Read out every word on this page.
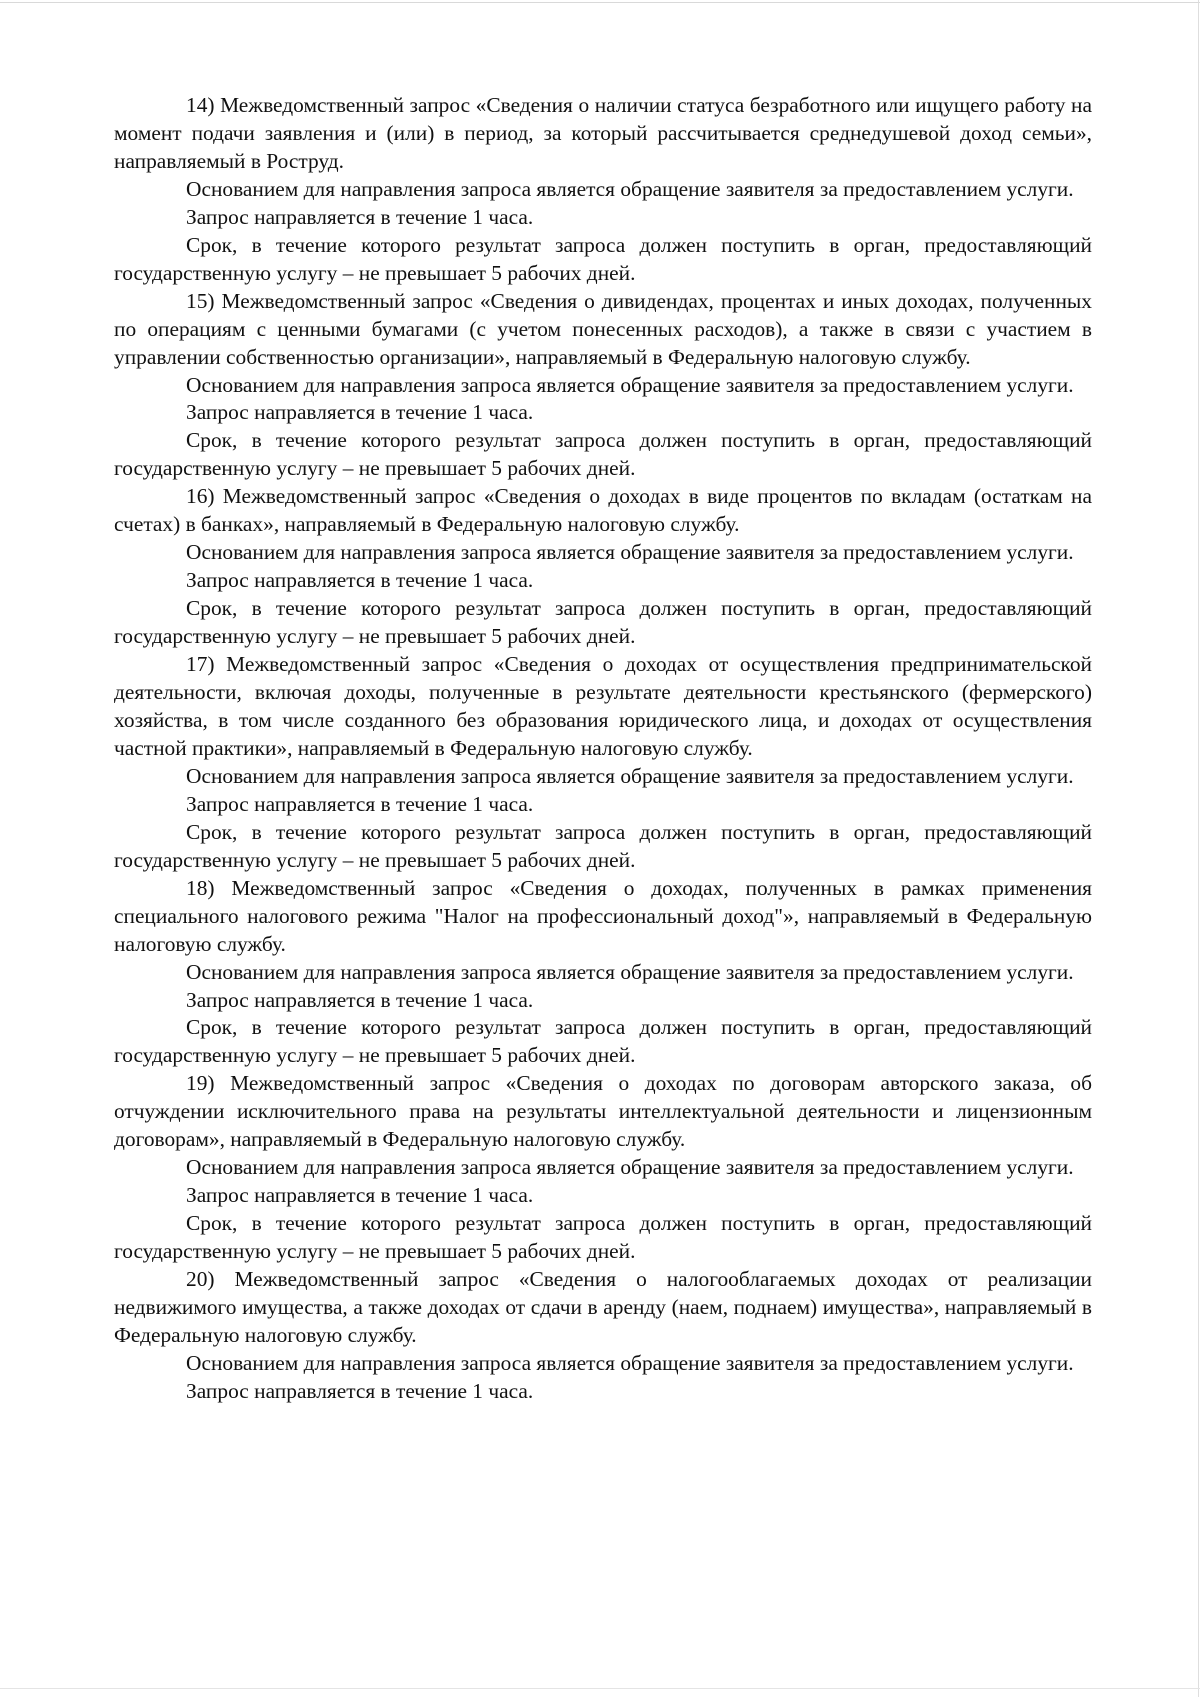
14) Межведомственный запрос «Сведения о наличии статуса безработного или ищущего работу на момент подачи заявления и (или) в период, за который рассчитывается среднедушевой доход семьи», направляемый в Роструд.

Основанием для направления запроса является обращение заявителя за предоставлением услуги.

Запрос направляется в течение 1 часа.

Срок, в течение которого результат запроса должен поступить в орган, предоставляющий государственную услугу – не превышает 5 рабочих дней.

15) Межведомственный запрос «Сведения о дивидендах, процентах и иных доходах, полученных по операциям с ценными бумагами (с учетом понесенных расходов), а также в связи с участием в управлении собственностью организации», направляемый в Федеральную налоговую службу.

Основанием для направления запроса является обращение заявителя за предоставлением услуги.

Запрос направляется в течение 1 часа.

Срок, в течение которого результат запроса должен поступить в орган, предоставляющий государственную услугу – не превышает 5 рабочих дней.

16) Межведомственный запрос «Сведения о доходах в виде процентов по вкладам (остаткам на счетах) в банках», направляемый в Федеральную налоговую службу.

Основанием для направления запроса является обращение заявителя за предоставлением услуги.

Запрос направляется в течение 1 часа.

Срок, в течение которого результат запроса должен поступить в орган, предоставляющий государственную услугу – не превышает 5 рабочих дней.

17) Межведомственный запрос «Сведения о доходах от осуществления предпринимательской деятельности, включая доходы, полученные в результате деятельности крестьянского (фермерского) хозяйства, в том числе созданного без образования юридического лица, и доходах от осуществления частной практики», направляемый в Федеральную налоговую службу.

Основанием для направления запроса является обращение заявителя за предоставлением услуги.

Запрос направляется в течение 1 часа.

Срок, в течение которого результат запроса должен поступить в орган, предоставляющий государственную услугу – не превышает 5 рабочих дней.

18) Межведомственный запрос «Сведения о доходах, полученных в рамках применения специального налогового режима "Налог на профессиональный доход"», направляемый в Федеральную налоговую службу.

Основанием для направления запроса является обращение заявителя за предоставлением услуги.

Запрос направляется в течение 1 часа.

Срок, в течение которого результат запроса должен поступить в орган, предоставляющий государственную услугу – не превышает 5 рабочих дней.

19) Межведомственный запрос «Сведения о доходах по договорам авторского заказа, об отчуждении исключительного права на результаты интеллектуальной деятельности и лицензионным договорам», направляемый в Федеральную налоговую службу.

Основанием для направления запроса является обращение заявителя за предоставлением услуги.

Запрос направляется в течение 1 часа.

Срок, в течение которого результат запроса должен поступить в орган, предоставляющий государственную услугу – не превышает 5 рабочих дней.

20) Межведомственный запрос «Сведения о налогооблагаемых доходах от реализации недвижимого имущества, а также доходах от сдачи в аренду (наем, поднаем) имущества», направляемый в Федеральную налоговую службу.

Основанием для направления запроса является обращение заявителя за предоставлением услуги.

Запрос направляется в течение 1 часа.
